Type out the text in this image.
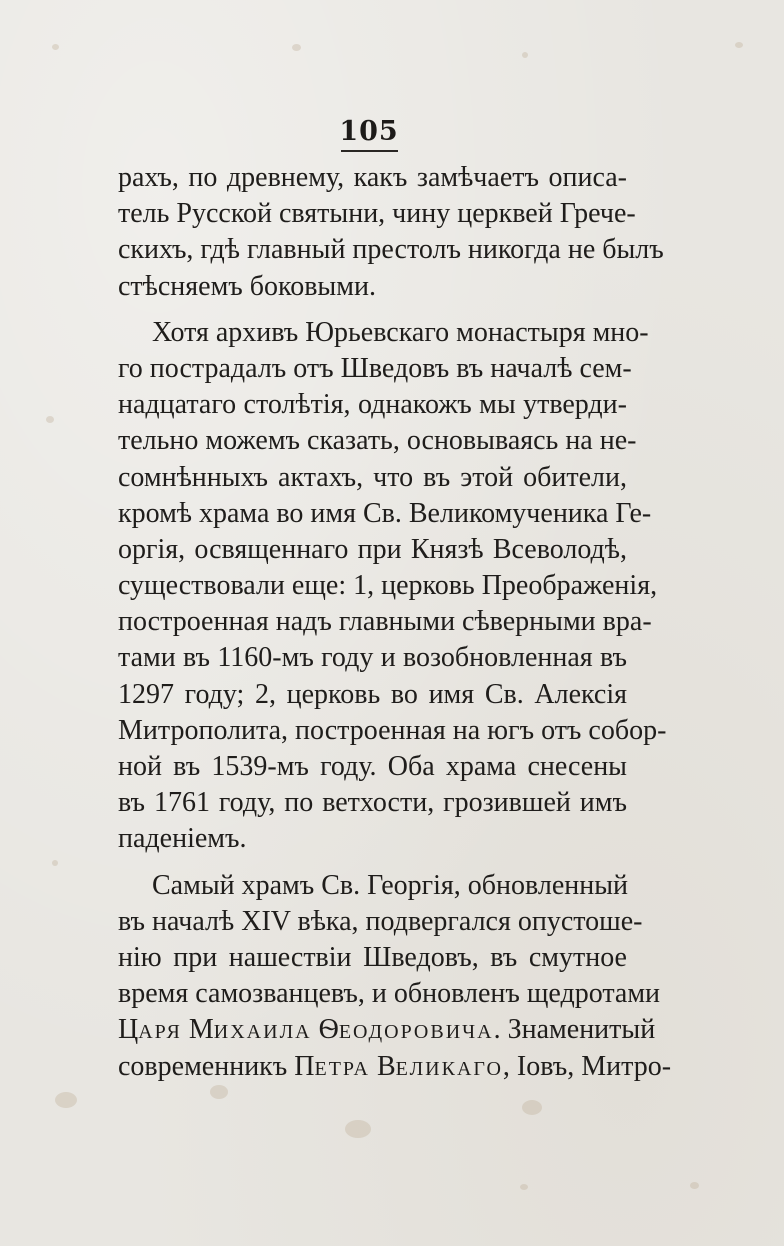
105
рахъ, по древнему, какъ замѣчаетъ описа-
тель Русской святыни, чину церквей Грече-
скихъ, гдѣ главный престолъ никогда не былъ
стѣсняемъ боковыми.
Хотя архивъ Юрьевскаго монастыря мно-
го пострадалъ отъ Шведовъ въ началѣ сем-
надцатаго столѣтія, однакожъ мы утверди-
тельно можемъ сказать, основываясь на не-
сомнѣнныхъ актахъ, что въ этой обители,
кромѣ храма во имя Св. Великомученика Ге-
оргія, освященнаго при Князѣ Всеволодѣ,
существовали еще: 1, церковь Преображенія,
построенная надъ главными сѣверными вра-
тами въ 1160-мъ году и возобновленная въ
1297 году; 2, церковь во имя Св. Алексія
Митрополита, построенная на югъ отъ собор-
ной въ 1539-мъ году. Оба храма снесены
въ 1761 году, по ветхости, грозившей имъ
паденіемъ.
Самый храмъ Св. Георгія, обновленный
въ началѣ XIV вѣка, подвергался опустоше-
нію при нашествіи Шведовъ, въ смутное
время самозванцевъ, и обновленъ щедротами
ЦАРЯ МИХАИЛА ѲЕОДОРОВИЧА. Знаменитый
современникъ ПЕТРА ВЕЛИКАГО, Іовъ, Митро-
